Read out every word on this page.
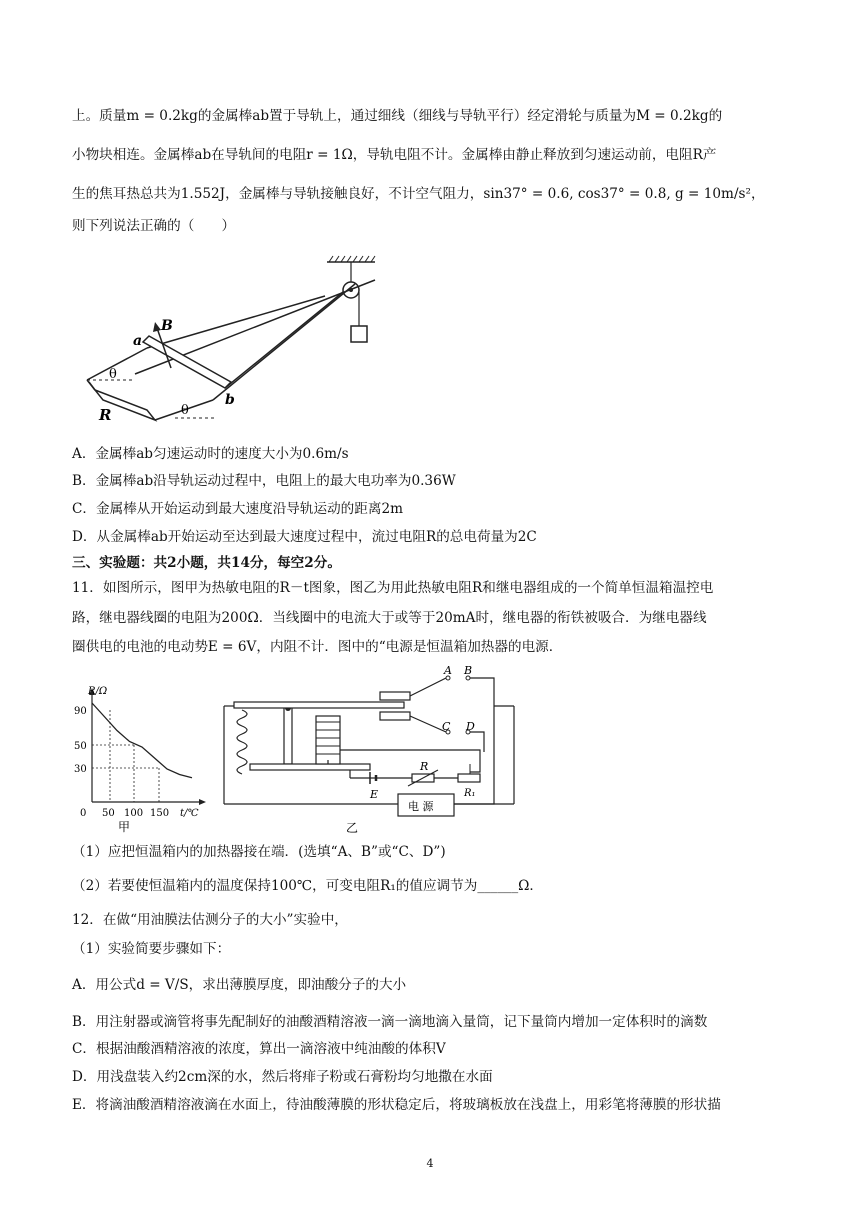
上。质量m = 0.2kg的金属棒ab置于导轨上，通过细线（细线与导轨平行）经定滑轮与质量为M = 0.2kg的
小物块相连。金属棒ab在导轨间的电阻r = 1Ω，导轨电阻不计。金属棒由静止释放到匀速运动前，电阻R产
生的焦耳热总共为1.552J，金属棒与导轨接触良好，不计空气阻力，sin37° = 0.6, cos37° = 0.8, g = 10m/s²，
则下列说法正确的（　　）
a
b
B
R
θ
θ
A．金属棒ab匀速运动时的速度大小为0.6m/s
B．金属棒ab沿导轨运动过程中，电阻上的最大电功率为0.36W
C．金属棒从开始运动到最大速度沿导轨运动的距离2m
D．从金属棒ab开始运动至达到最大速度过程中，流过电阻R的总电荷量为2C
三、实验题：共2小题，共14分，每空2分。
11．如图所示，图甲为热敏电阻的R－t图象，图乙为用此热敏电阻R和继电器组成的一个简单恒温箱温控电
路，继电器线圈的电阻为200Ω．当线圈中的电流大于或等于20mA时，继电器的衔铁被吸合．为继电器线
圈供电的电池的电动势E = 6V，内阻不计．图中的“电源是恒温箱加热器的电源．
R/Ω
90
50
30
0 50 100 150 t/℃
甲
A B
C D
E
R
R₁
电 源
乙
（1）应把恒温箱内的加热器接在端．(选填“A、B”或“C、D”)
（2）若要使恒温箱内的温度保持100℃，可变电阻R₁的值应调节为______Ω．
12．在做“用油膜法估测分子的大小”实验中，
（1）实验简要步骤如下：
A．用公式d = V/S，求出薄膜厚度，即油酸分子的大小
B．用注射器或滴管将事先配制好的油酸酒精溶液一滴一滴地滴入量筒，记下量筒内增加一定体积时的滴数
C．根据油酸酒精溶液的浓度，算出一滴溶液中纯油酸的体积V
D．用浅盘装入约2cm深的水，然后将痱子粉或石膏粉均匀地撒在水面
E．将滴油酸酒精溶液滴在水面上，待油酸薄膜的形状稳定后，将玻璃板放在浅盘上，用彩笔将薄膜的形状描
4
